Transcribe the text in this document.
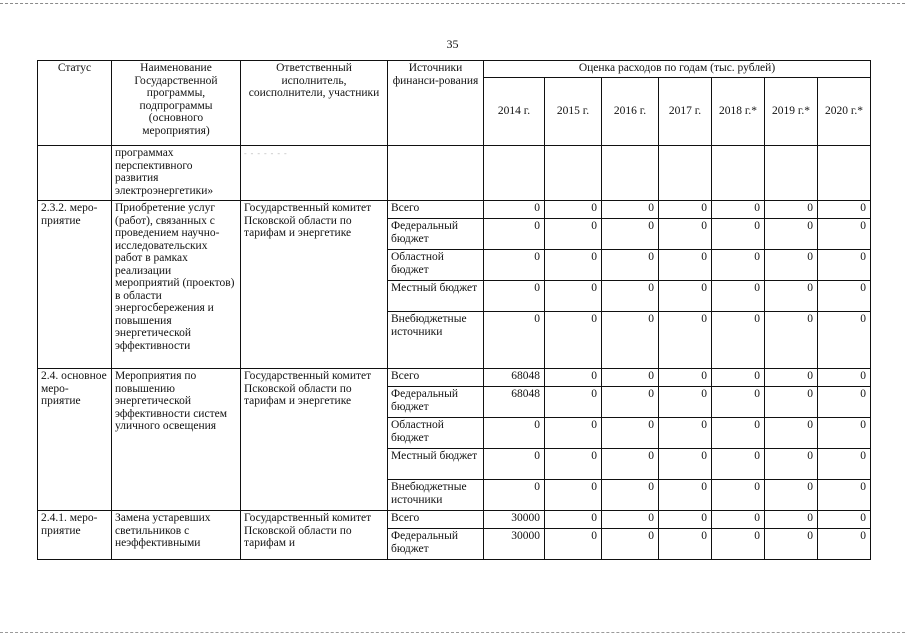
35
Статус	Наименование Государственной программы, подпрограммы (основного мероприятия)	Ответственный исполнитель, соисполнители, участники	Источники финанси-рования	Оценка расходов по годам (тыс. рублей)						
				2014 г.	2015 г.	2016 г.	2017 г.	2018 г.*	2019 г.*	2020 г.*
	программах перспективного развития электроэнергетики»	- - - - - - -								
2.3.2. меро-приятие	Приобретение услуг (работ), связанных с проведением научно-исследовательских работ в рамках реализации мероприятий (проектов) в области энергосбережения и повышения энергетической эффективности	Государственный комитет Псковской области по тарифам и энергетике	Всего	0	0	0	0	0	0	0
			Федеральный бюджет	0	0	0	0	0	0	0
			Областной бюджет	0	0	0	0	0	0	0
			Местный бюджет	0	0	0	0	0	0	0
			Внебюджетные источники	0	0	0	0	0	0	0
2.4. основное меро-приятие	Мероприятия по повышению энергетической эффективности систем уличного освещения	Государственный комитет Псковской области по тарифам и энергетике	Всего	68048	0	0	0	0	0	0
			Федеральный бюджет	68048	0	0	0	0	0	0
			Областной бюджет	0	0	0	0	0	0	0
			Местный бюджет	0	0	0	0	0	0	0
			Внебюджетные источники	0	0	0	0	0	0	0
2.4.1. меро-приятие	Замена устаревших светильников с неэффективными	Государственный комитет Псковской области по тарифам и	Всего	30000	0	0	0	0	0	0
			Федеральный бюджет	30000	0	0	0	0	0	0
